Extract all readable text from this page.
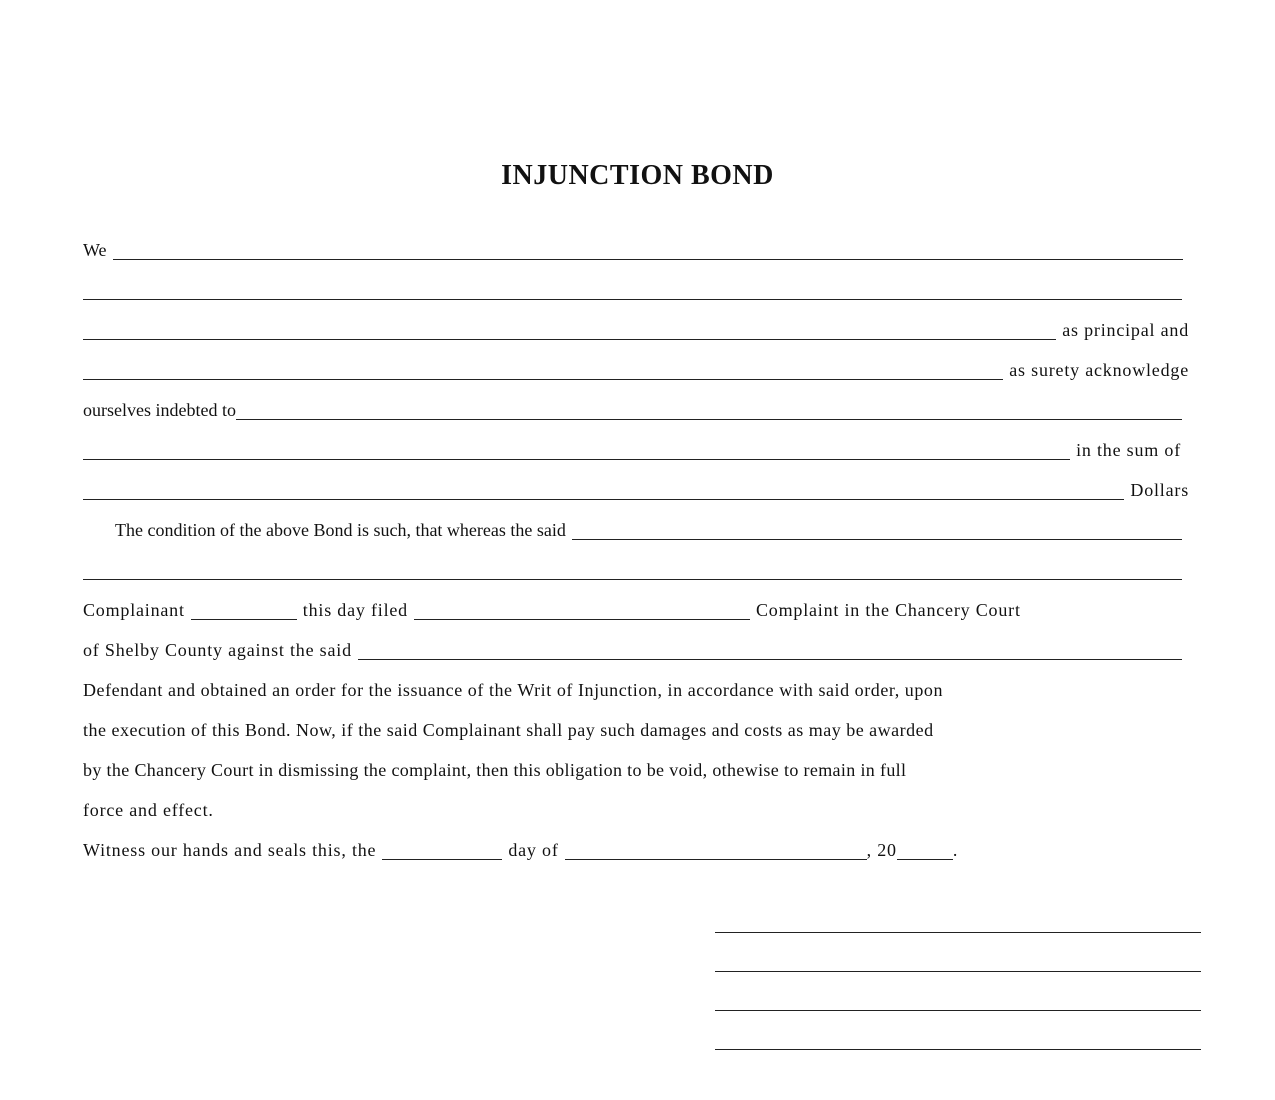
INJUNCTION BOND
We
as principal and
as surety acknowledge
ourselves indebted to
in the sum of
Dollars
The condition of the above Bond is such, that whereas the said
Complainant	this day filed	Complaint in the Chancery Court
of Shelby County against the said
Defendant and obtained an order for the issuance of the Writ of Injunction, in accordance with said order, upon
the execution of this Bond. Now, if the said Complainant shall pay such damages and costs as may be awarded
by the Chancery Court in dismissing the complaint, then this obligation to be void, othewise to remain in full
force and effect.
Witness our hands and seals this, the	day of	, 20	.
